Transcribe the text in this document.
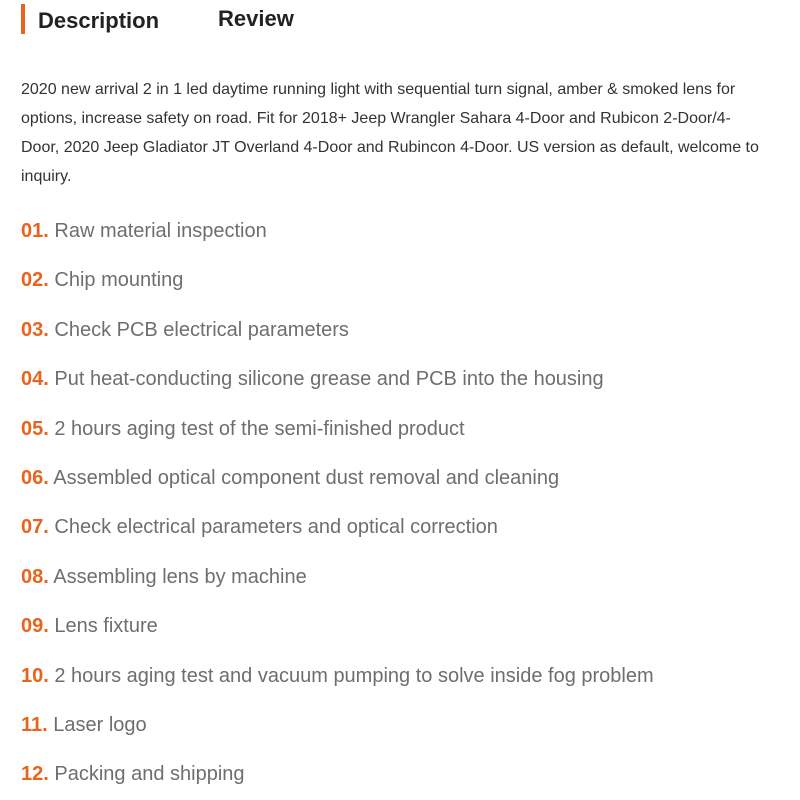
Description	Review

2020 new arrival 2 in 1 led daytime running light with sequential turn signal, amber & smoked lens for options, increase safety on road. Fit for 2018+ Jeep Wrangler Sahara 4-Door and Rubicon 2-Door/4-Door, 2020 Jeep Gladiator JT Overland 4-Door and Rubincon 4-Door. US version as default, welcome to inquiry.

01. Raw material inspection
02. Chip mounting
03. Check PCB electrical parameters
04. Put heat-conducting silicone grease and PCB into the housing
05. 2 hours aging test of the semi-finished product
06. Assembled optical component dust removal and cleaning
07. Check electrical parameters and optical correction
08. Assembling lens by machine
09. Lens fixture
10. 2 hours aging test and vacuum pumping to solve inside fog problem
11. Laser logo
12. Packing and shipping
